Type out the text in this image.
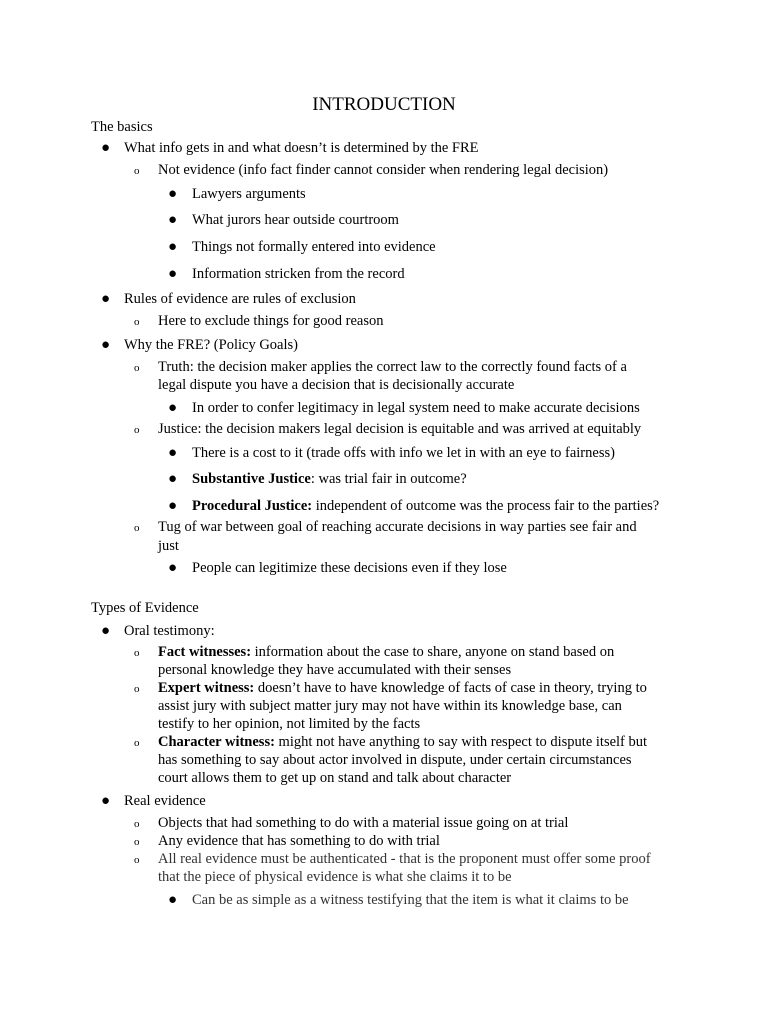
INTRODUCTION
The basics
● What info gets in and what doesn’t is determined by the FRE
o Not evidence (info fact finder cannot consider when rendering legal decision)
● Lawyers arguments
● What jurors hear outside courtroom
● Things not formally entered into evidence
● Information stricken from the record
● Rules of evidence are rules of exclusion
o Here to exclude things for good reason
● Why the FRE? (Policy Goals)
o Truth: the decision maker applies the correct law to the correctly found facts of a
legal dispute you have a decision that is decisionally accurate
● In order to confer legitimacy in legal system need to make accurate decisions
o Justice: the decision makers legal decision is equitable and was arrived at equitably
● There is a cost to it (trade offs with info we let in with an eye to fairness)
● Substantive Justice: was trial fair in outcome?
● Procedural Justice: independent of outcome was the process fair to the parties?
o Tug of war between goal of reaching accurate decisions in way parties see fair and
just
● People can legitimize these decisions even if they lose
Types of Evidence
● Oral testimony:
o Fact witnesses: information about the case to share, anyone on stand based on
personal knowledge they have accumulated with their senses
o Expert witness: doesn’t have to have knowledge of facts of case in theory, trying to
assist jury with subject matter jury may not have within its knowledge base, can
testify to her opinion, not limited by the facts
o Character witness: might not have anything to say with respect to dispute itself but
has something to say about actor involved in dispute, under certain circumstances
court allows them to get up on stand and talk about character
● Real evidence
o Objects that had something to do with a material issue going on at trial
o Any evidence that has something to do with trial
o All real evidence must be authenticated - that is the proponent must offer some proof
that the piece of physical evidence is what she claims it to be
● Can be as simple as a witness testifying that the item is what it claims to be
